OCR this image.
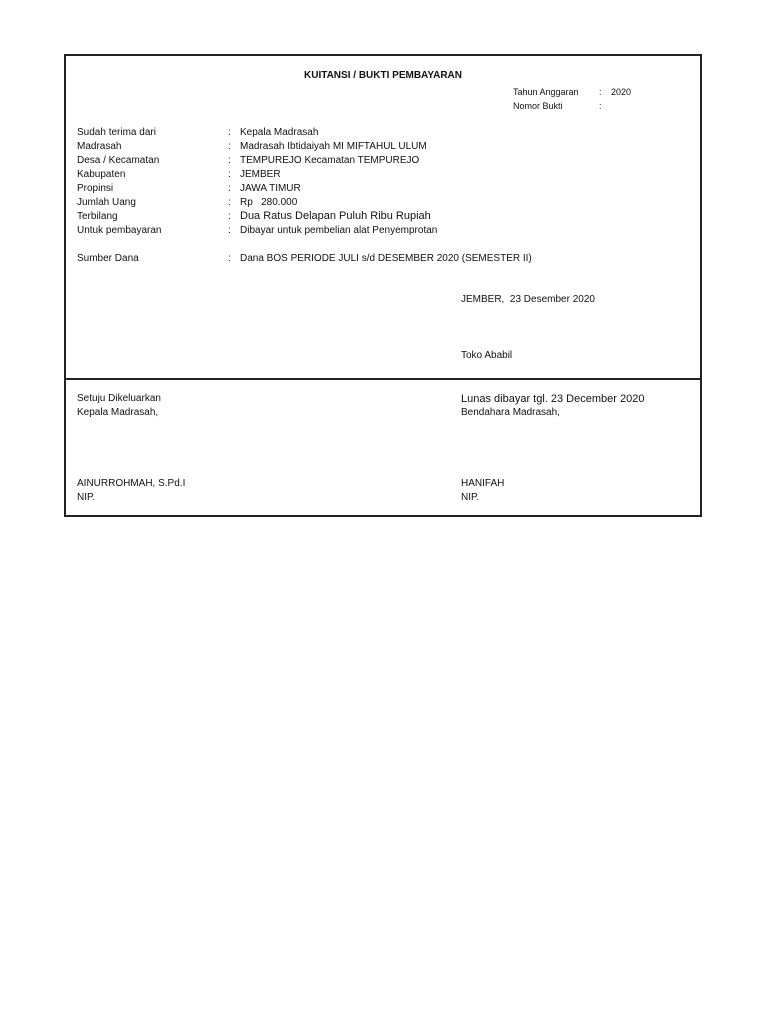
KUITANSI / BUKTI PEMBAYARAN
Tahun Anggaran : 2020
Nomor Bukti	:
Sudah terima dari	: Kepala Madrasah
Madrasah	: Madrasah Ibtidaiyah MI MIFTAHUL ULUM
Desa / Kecamatan	: TEMPUREJO Kecamatan TEMPUREJO
Kabupaten	: JEMBER
Propinsi	: JAWA TIMUR
Jumlah Uang	: Rp   280.000
Terbilang	: Dua Ratus Delapan Puluh Ribu Rupiah
Untuk pembayaran	: Dibayar untuk pembelian alat Penyemprotan
Sumber Dana	: Dana BOS PERIODE JULI s/d DESEMBER 2020 (SEMESTER II)
JEMBER,  23 Desember 2020
Toko Ababil
Setuju Dikeluarkan
Kepala Madrasah,
AINURROHMAH, S.Pd.I
NIP.
Lunas dibayar tgl. 23 December 2020
Bendahara Madrasah,
HANIFAH
NIP.
